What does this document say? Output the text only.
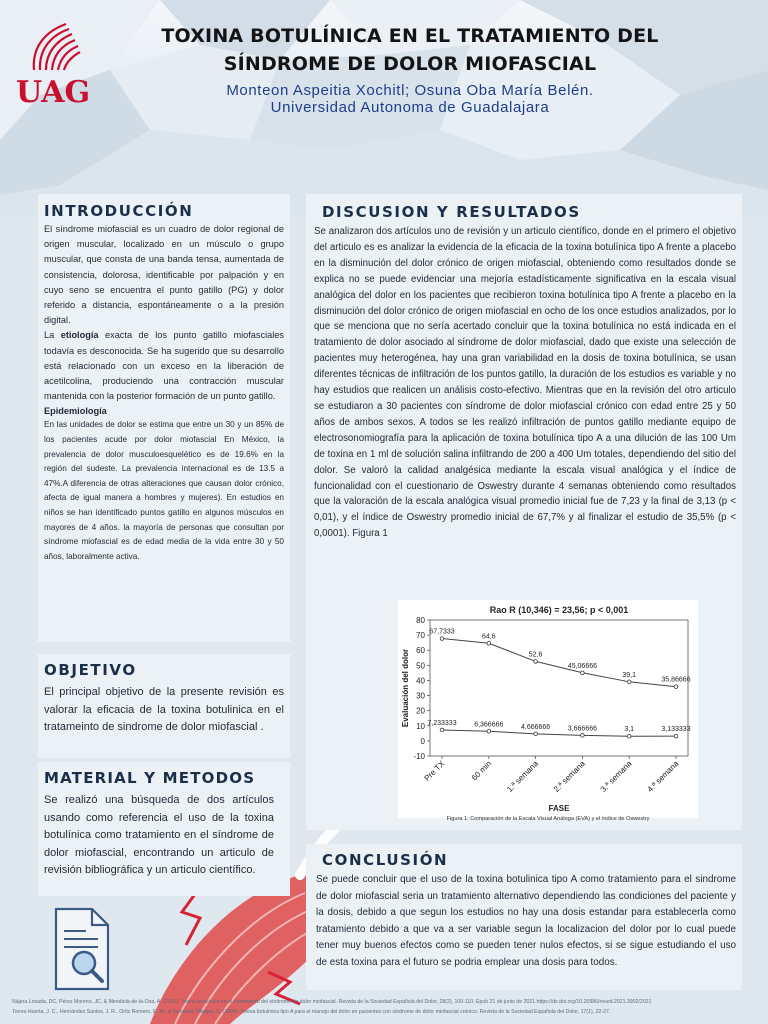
UAG
TOXINA BOTULÍNICA EN EL TRATAMIENTO DEL
SÍNDROME DE DOLOR MIOFASCIAL
Monteon Aspeitia Xochitl; Osuna Oba María Belén.
Universidad Autonoma de Guadalajara
INTRODUCCIÓN

El síndrome miofascial es un cuadro de dolor regional de origen muscular, localizado en un músculo o grupo muscular, que consta de una banda tensa, aumentada de consistencia, dolorosa, identificable por palpación y en cuyo seno se encuentra el punto gatillo (PG) y dolor referido a distancia, espontáneamente o a la presión digital.

La etiología exacta de los punto gatillo miofasciales todavía es desconocida. Se ha sugerido que su desarrollo está relacionado con un exceso en la liberación de acetilcolina, produciendo una contracción muscular mantenida con la posterior formación de un punto gatillo.

Epidemiología

En las unidades de dolor se estima que entre un 30 y un 85% de los pacientes acude por dolor miofascial En México, la prevalencia de dolor musculoesquelético es de 19.6% en la región del sudeste. La prevalencia internacional es de 13.5 a 47%.A diferencia de otras alteraciones que causan dolor crónico, afecta de igual manera a hombres y mujeres). En estudios en niños se han identificado puntos gatillo en algunos músculos en mayores de 4 años. la mayoría de personas que consultan por síndrome miofascial es de edad media de la vida entre 30 y 50 años, laboralmente activa.

OBJETIVO

El principal objetivo de la presente revisión es valorar la eficacia de la toxina botulinica en el tratameinto de sindrome de dolor miofascial .

MATERIAL Y METODOS

Se realizó una búsqueda de dos artículos usando como referencia el uso de la toxina botulínica como tratamiento en el síndrome de dolor miofascial, encontrando un articulo de revisión bibliográfica y un articulo científico.

DISCUSION Y RESULTADOS

Se analizaron dos artículos uno de revisión y un articulo científico, donde en el primero el objetivo del articulo es es analizar la evidencia de la eficacia de la toxina botulínica tipo A frente a placebo en la disminución del dolor crónico de origen miofascial, obteniendo como resultados donde se explica no se puede evidenciar una mejoría estadísticamente significativa en la escala visual analógica del dolor en los pacientes que recibieron toxina botulínica tipo A frente a placebo en la disminución del dolor crónico de origen miofascial en ocho de los once estudios analizados, por lo que se menciona que no sería acertado concluir que la toxina botulínica no está indicada en el tratamiento de dolor asociado al síndrome de dolor miofascial, dado que existe una selección de pacientes muy heterogénea, hay una gran variabilidad en la dosis de toxina botulínica, se usan diferentes técnicas de infiltración de los puntos gatillo, la duración de los estudios es variable y no hay estudios que realicen un análisis costo-efectivo. Mientras que en la revisión del otro articulo se estudiaron a 30 pacientes con síndrome de dolor miofascial crónico con edad entre 25 y 50 años de ambos sexos. A todos se les realizó infiltración de puntos gatillo mediante equipo de electrosonomiografía para la aplicación de toxina botulínica tipo A a una dilución de las 100 Um de toxina en 1 ml de solución salina infiltrando de 200 a 400 Um totales, dependiendo del sitio del dolor. Se valoró la calidad analgésica mediante la escala visual analógica y el índice de funcionalidad con el cuestionario de Oswestry durante 4 semanas obteniendo como resultados que la valoración de la escala analógica visual promedio inicial fue de 7,23 y la final de 3,13 (p < 0,01), y el índice de Oswestry promedio inicial de 67,7% y al finalizar el estudio de 35,5% (p < 0,0001). Figura 1

Rao R (10,346) = 23,56; p < 0,001
-10
0
10
20
30
40
50
60
70
80
Evaluación del dolor
Pre TX	60 min 1.ª semana 2.ª semana 3.ª semana 4.ª semana
FASE
67,7333
64,6
52,6
45,06666
39,1
35,86666
7,233333	6,366666	4,666666	3,666666	3,1	3,133333
Figura 1: Comparación de la Escala Visual Análoga (EVA) y el índice de Oswestry
CONCLUSIÓN

Se puede concluir que el uso de la toxina botulinica tipo A como tratamiento para el sindrome de dolor miofascial seria un tratamiento alternativo dependiendo las condiciones del paciente y la dosis, debido a que segun los estudios no hay una dosis estandar para establecerla como tratamiento debido a que va a ser variable segun la localizacion del dolor por lo cual puede tener muy buenos efectos como se pueden tener nulos efectos, si se sigue estudiando el uso de esta toxina para el futuro se podria emplear una dosis para todos.

Nájera Losada, DC, Pérez Moreno, JC, & Mendiola-de-la-Osa, A. (2021). Toxina botulínica en el tratamiento del síndrome de dolor miofascial. Revista de la Sociedad Española del Dolor, 28(2), 100-110. Epub 21 de junio de 2021.https://dx.doi.org/10.20986/resed.2021.3902/2021
Torres Huerta, J. C., Hernández Santos, J. R., Ortiz Romero, E. M., & Tenopala Villegas, S. (2008). Toxina botulínica tipo A para el manejo del dolor en pacientes con síndrome de dolor miofascial crónico. Revista de la Sociedad Española del Dolor, 17(1), 22-27.
